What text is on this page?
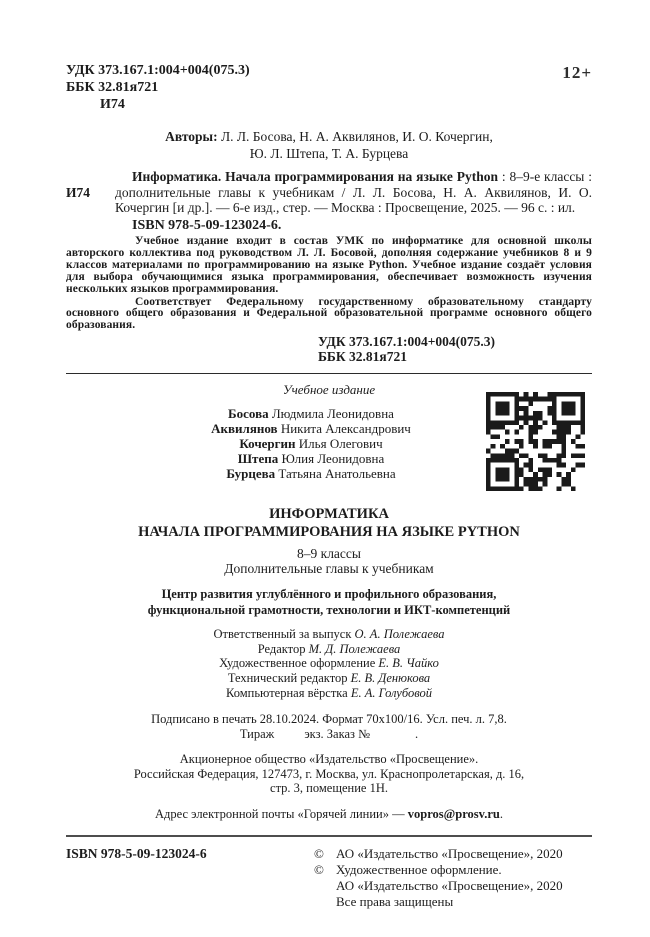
УДК 373.167.1:004+004(075.3)
ББК 32.81я721
И74
12+
Авторы: Л. Л. Босова, Н. А. Аквилянов, И. О. Кочергин,
Ю. Л. Штепа, Т. А. Бурцева
И74

Информатика. Начала программирования на языке Python : 8–9-е классы : дополнительные главы к учебникам / Л. Л. Босова, Н. А. Аквилянов, И. О. Кочергин [и др.]. — 6-е изд., стер. — Москва : Просвещение, 2025. — 96 с. : ил.

ISBN 978-5-09-123024-6.

Учебное издание входит в состав УМК по информатике для основной школы авторского коллектива под руководством Л. Л. Босовой, дополняя содержание учебников 8 и 9 классов материалами по программированию на языке Python. Учебное издание создаёт условия для выбора обучающимися языка программирования, обеспечивает возможность изучения нескольких языков программирования.

Соответствует Федеральному государственному образовательному стандарту основного общего образования и Федеральной образовательной программе основного общего образования.

УДК 373.167.1:004+004(075.3)
ББК 32.81я721
Учебное издание
Босова Людмила Леонидовна
Аквилянов Никита Александрович
Кочергин Илья Олегович
Штепа Юлия Леонидовна
Бурцева Татьяна Анатольевна
ИНФОРМАТИКА
НАЧАЛА ПРОГРАММИРОВАНИЯ НА ЯЗЫКЕ PYTHON
8–9 классы
Дополнительные главы к учебникам
Центр развития углублённого и профильного образования,
функциональной грамотности, технологии и ИКТ-компетенций
Ответственный за выпуск О. А. Полежаева
Редактор М. Д. Полежаева
Художественное оформление Е. В. Чайко
Технический редактор Е. В. Денюкова
Компьютерная вёрстка Е. А. Голубовой
Подписано в печать 28.10.2024. Формат 70х100/16. Усл. печ. л. 7,8.
Тираж экз. Заказ №	.
Акционерное общество «Издательство «Просвещение».
Российская Федерация, 127473, г. Москва, ул. Краснопролетарская, д. 16,
стр. 3, помещение 1Н.
Адрес электронной почты «Горячей линии» — vopros@prosv.ru.
ISBN 978-5-09-123024-6	© АО «Издательство «Просвещение», 2020
© Художественное оформление.
АО «Издательство «Просвещение», 2020
Все права защищены
